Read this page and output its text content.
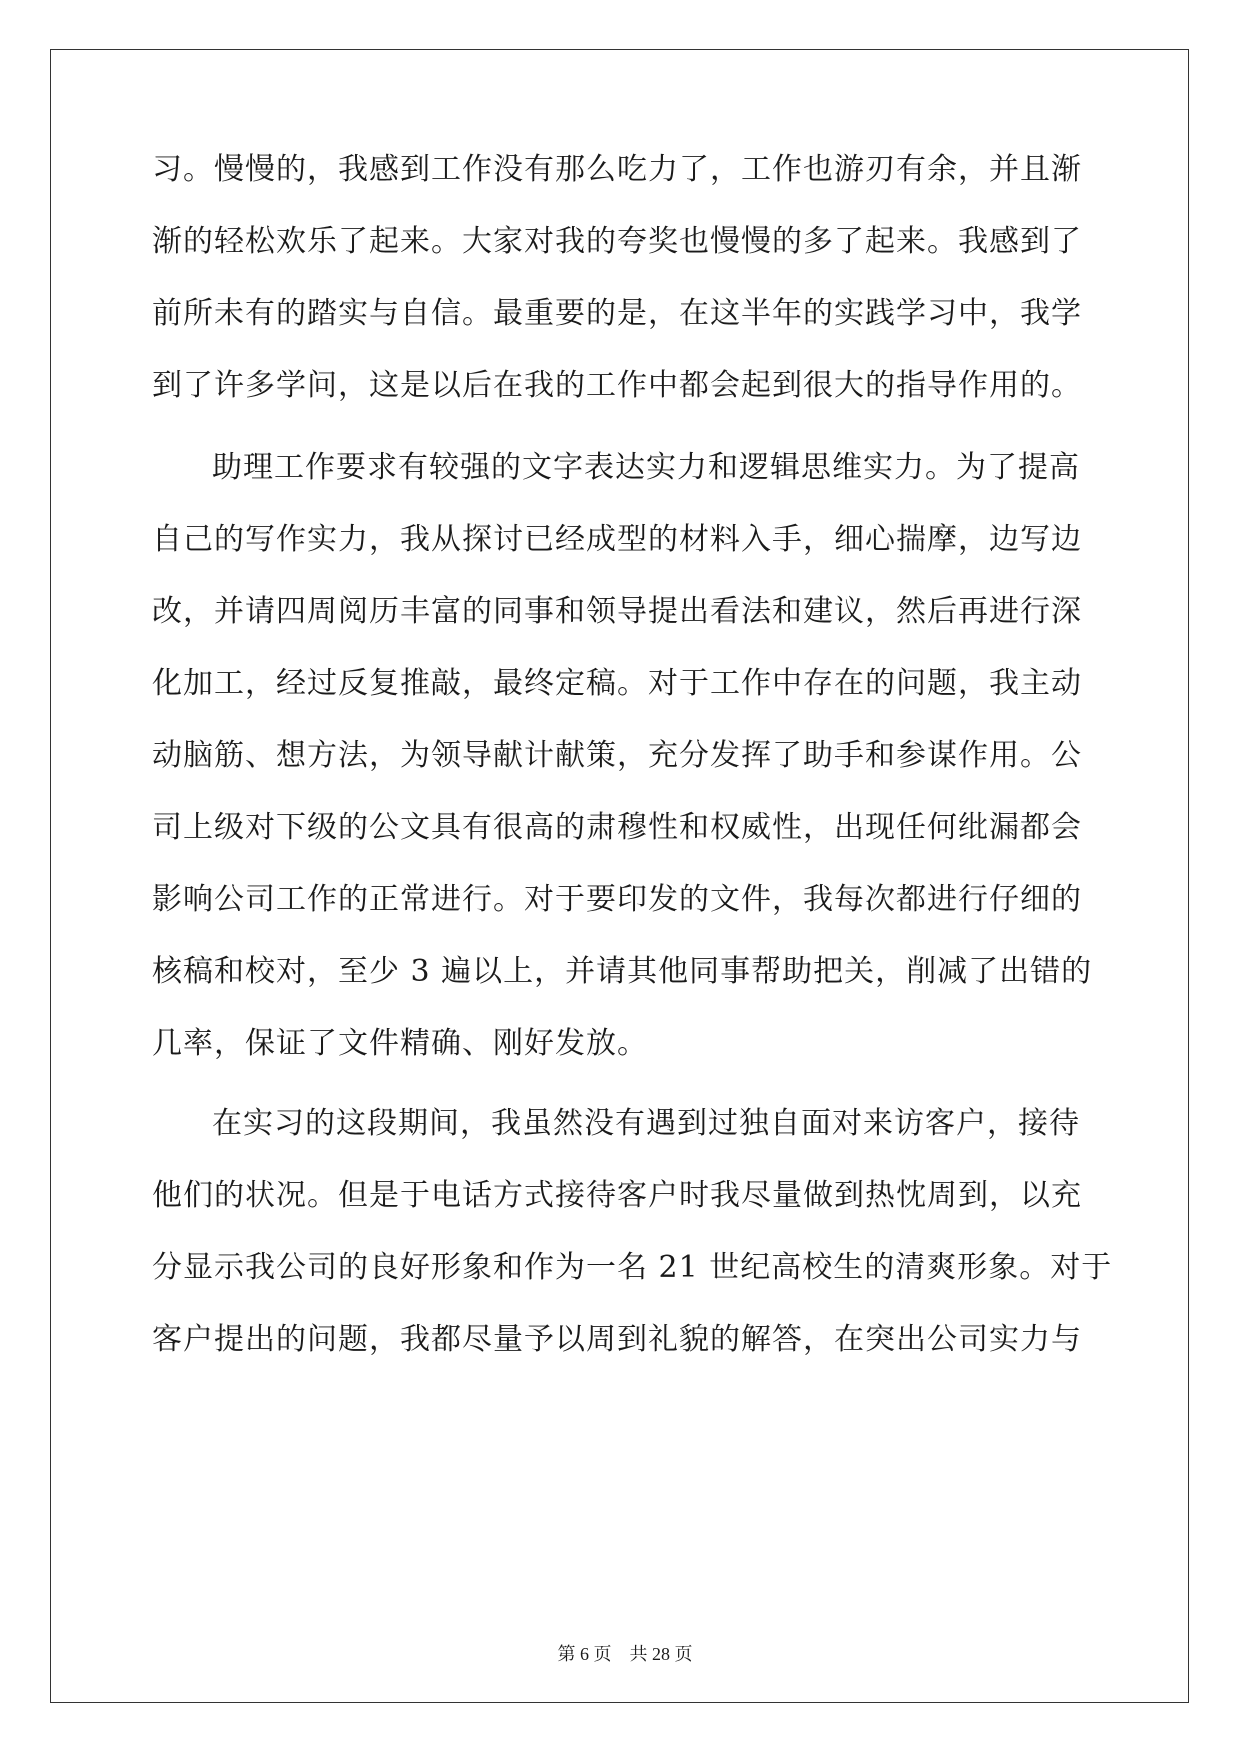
习。慢慢的，我感到工作没有那么吃力了，工作也游刃有余，并且渐
渐的轻松欢乐了起来。大家对我的夸奖也慢慢的多了起来。我感到了
前所未有的踏实与自信。最重要的是，在这半年的实践学习中，我学
到了许多学问，这是以后在我的工作中都会起到很大的指导作用的。
助理工作要求有较强的文字表达实力和逻辑思维实力。为了提高
自己的写作实力，我从探讨已经成型的材料入手，细心揣摩，边写边
改，并请四周阅历丰富的同事和领导提出看法和建议，然后再进行深
化加工，经过反复推敲，最终定稿。对于工作中存在的问题，我主动
动脑筋、想方法，为领导献计献策，充分发挥了助手和参谋作用。公
司上级对下级的公文具有很高的肃穆性和权威性，出现任何纰漏都会
影响公司工作的正常进行。对于要印发的文件，我每次都进行仔细的
核稿和校对，至少 3 遍以上，并请其他同事帮助把关，削减了出错的
几率，保证了文件精确、刚好发放。
在实习的这段期间，我虽然没有遇到过独自面对来访客户，接待
他们的状况。但是于电话方式接待客户时我尽量做到热忱周到，以充
分显示我公司的良好形象和作为一名 21 世纪高校生的清爽形象。对于
客户提出的问题，我都尽量予以周到礼貌的解答，在突出公司实力与

第 6 页    共 28 页
